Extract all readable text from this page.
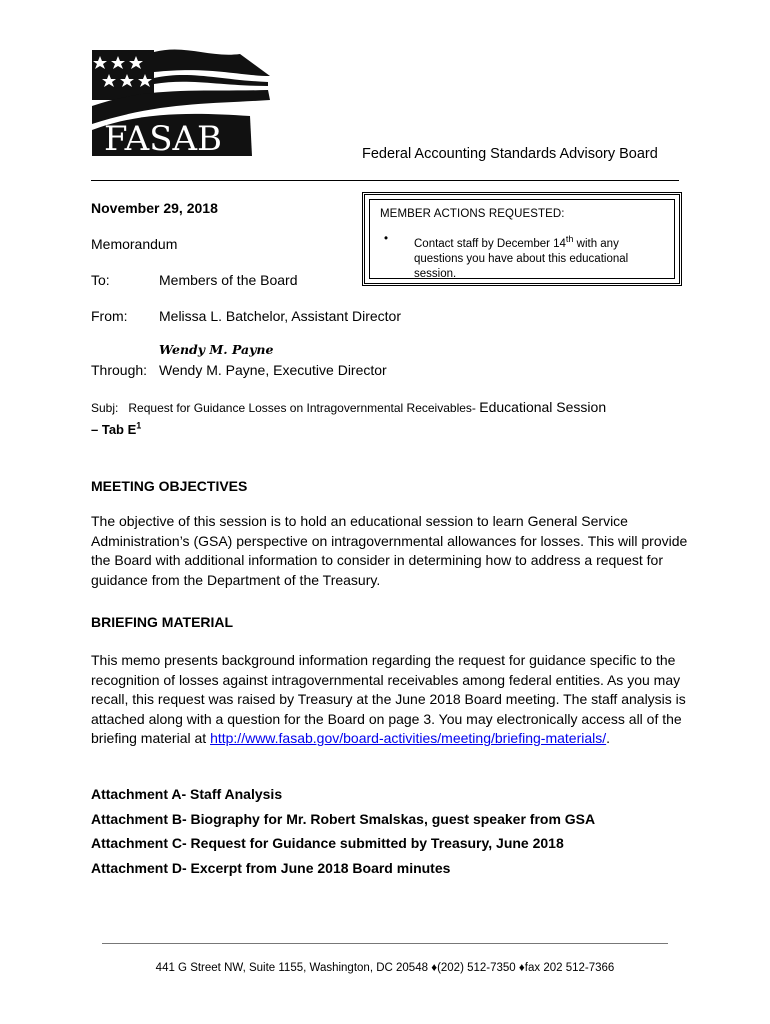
FASAB	Federal Accounting Standards Advisory Board
November 29, 2018
Memorandum
To:	Members of the Board
From: Melissa L. Batchelor, Assistant Director
Wendy M. Payne
Through: Wendy M. Payne, Executive Director
MEMBER ACTIONS REQUESTED:
•	Contact staff by December 14th with any questions you have about this educational session.
Subj: Request for Guidance Losses on Intragovernmental Receivables- Educational Session
– Tab $E^1$
MEETING OBJECTIVES
The objective of this session is to hold an educational session to learn General Service Administration’s (GSA) perspective on intragovernmental allowances for losses. This will provide the Board with additional information to consider in determining how to address a request for guidance from the Department of the Treasury.
BRIEFING MATERIAL
This memo presents background information regarding the request for guidance specific to the recognition of losses against intragovernmental receivables among federal entities. As you may recall, this request was raised by Treasury at the June 2018 Board meeting. The staff analysis is attached along with a question for the Board on page 3. You may electronically access all of the briefing material at http://www.fasab.gov/board-activities/meeting/briefing-materials/.
Attachment A- Staff Analysis
Attachment B- Biography for Mr. Robert Smalskas, guest speaker from GSA
Attachment C- Request for Guidance submitted by Treasury, June 2018
Attachment D- Excerpt from June 2018 Board minutes
441 G Street NW, Suite 1155, Washington, DC 20548 ♦(202) 512-7350 ♦fax 202 512-7366
